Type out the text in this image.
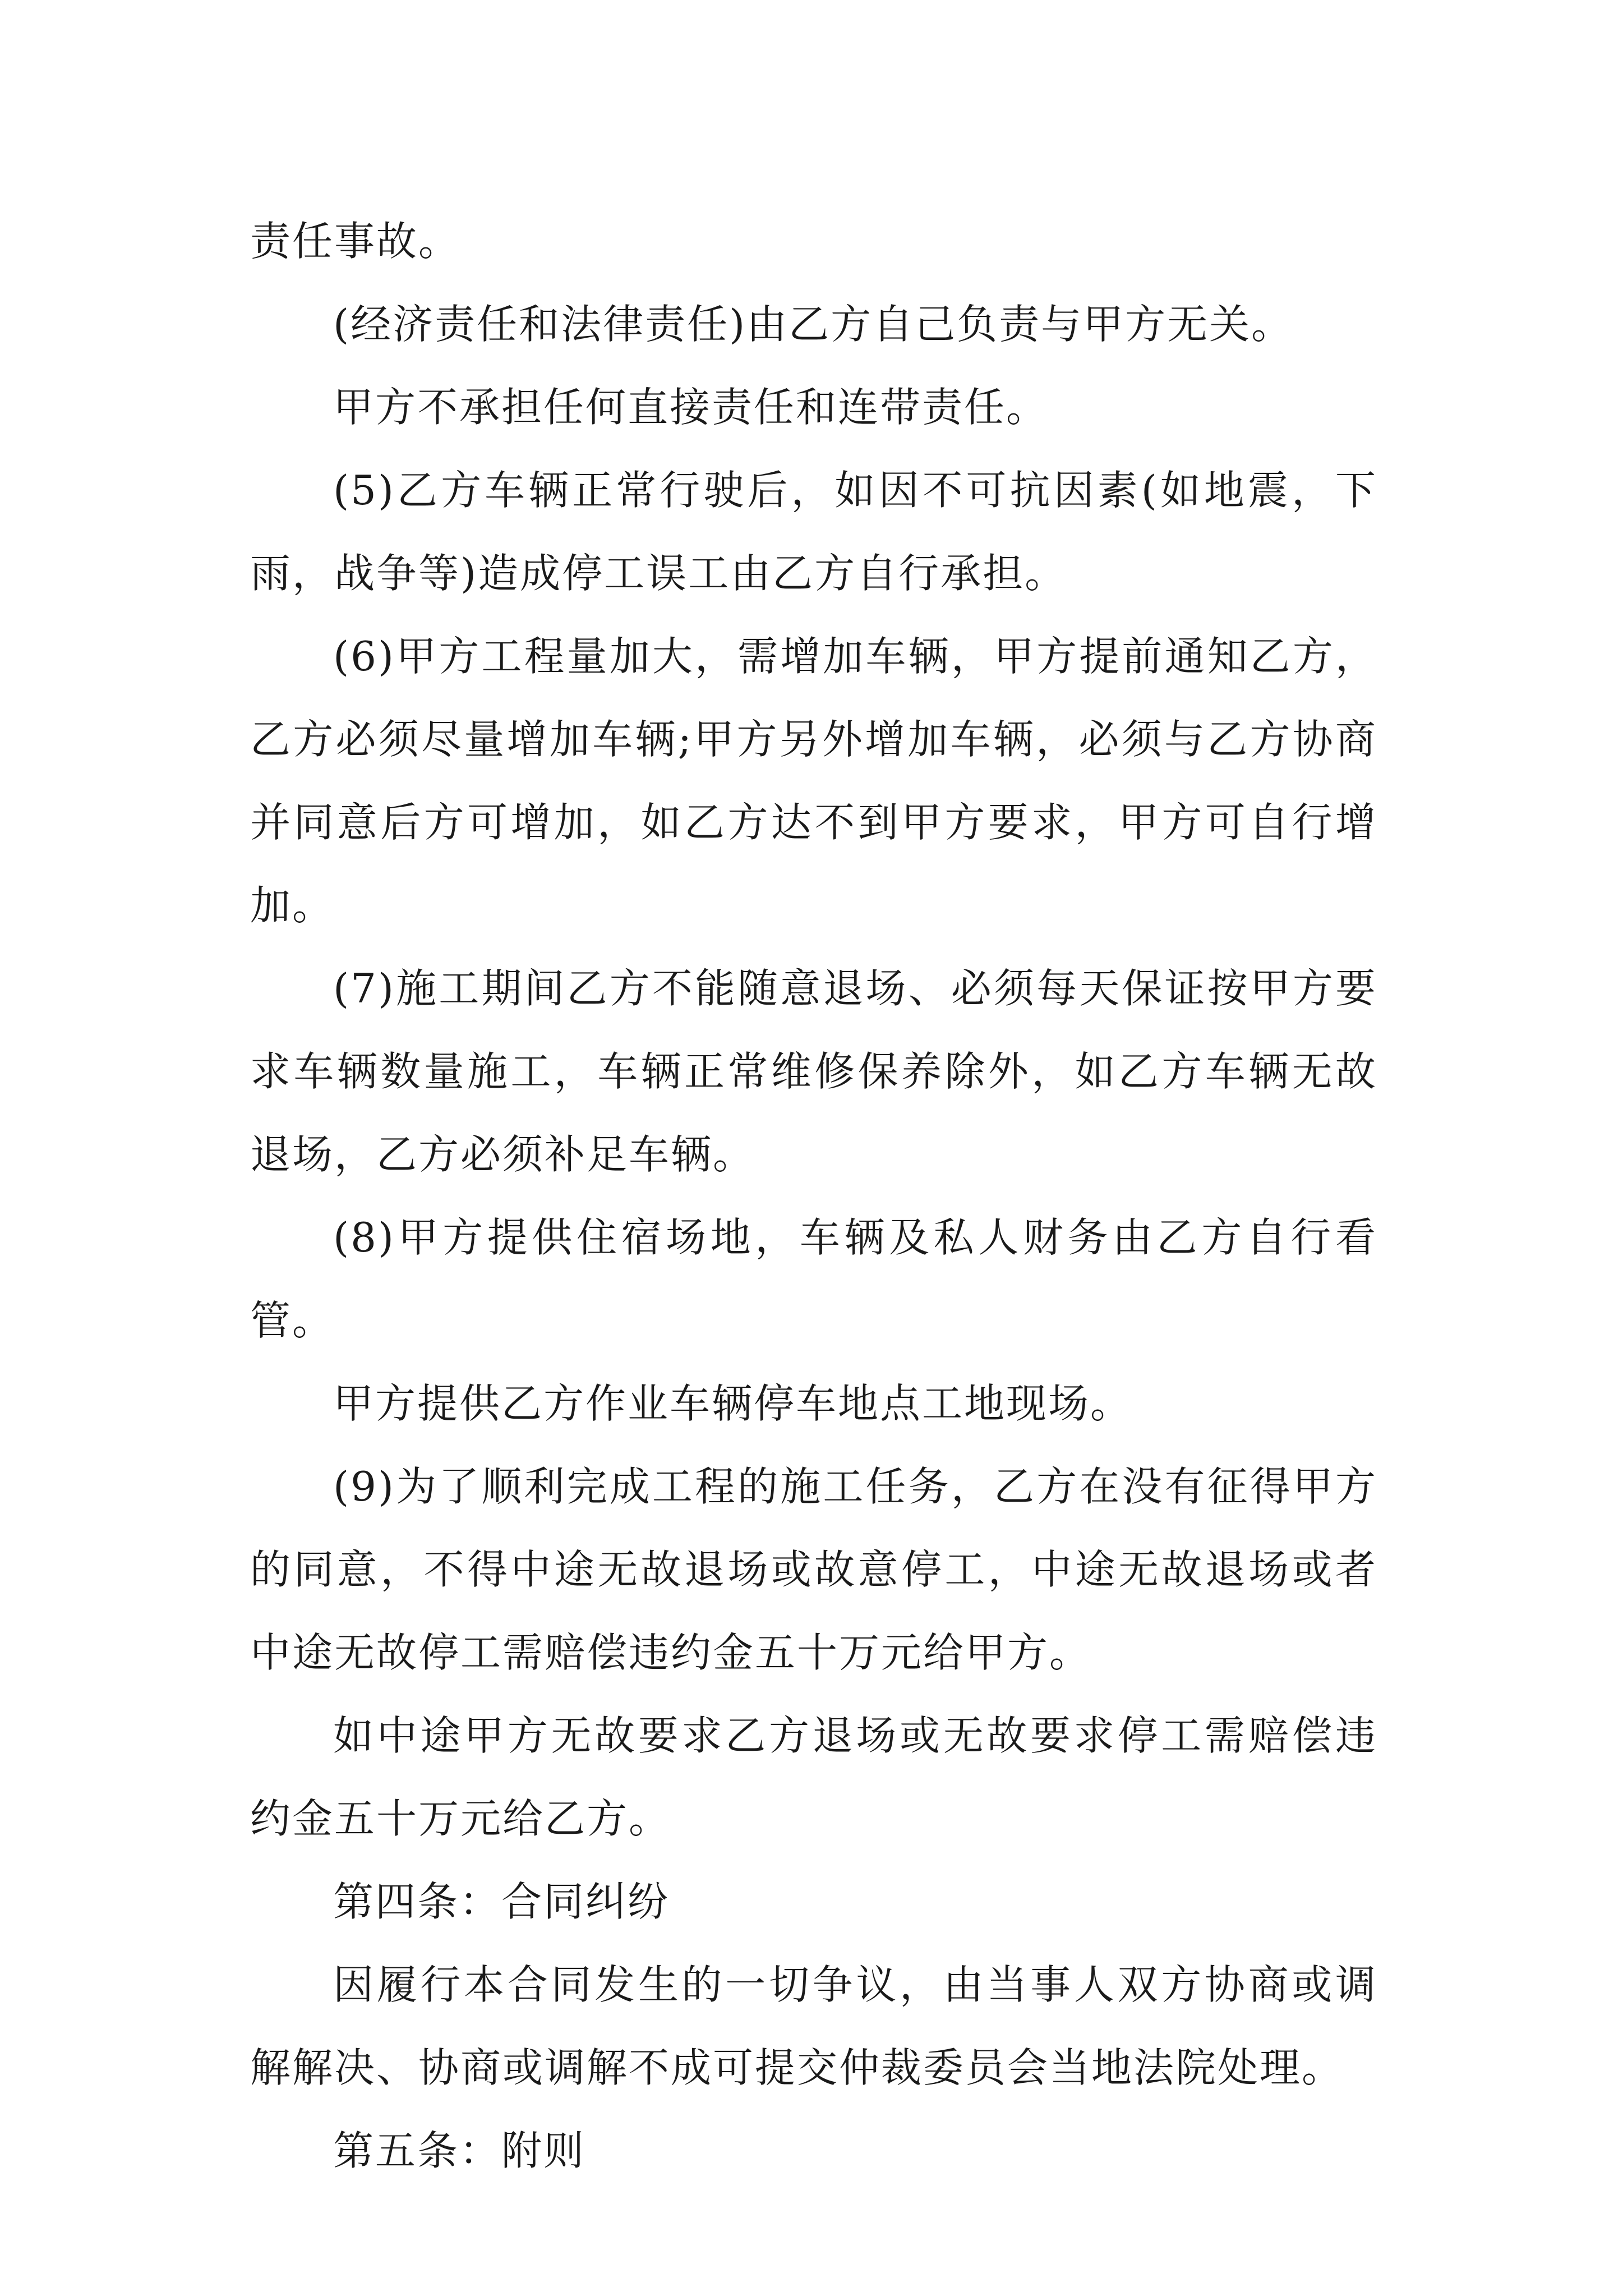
责任事故。

(经济责任和法律责任)由乙方自己负责与甲方无关。

甲方不承担任何直接责任和连带责任。

(5)乙方车辆正常行驶后，如因不可抗因素(如地震，下雨，战争等)造成停工误工由乙方自行承担。

(6)甲方工程量加大，需增加车辆，甲方提前通知乙方，乙方必须尽量增加车辆;甲方另外增加车辆，必须与乙方协商并同意后方可增加，如乙方达不到甲方要求，甲方可自行增加。

(7)施工期间乙方不能随意退场、必须每天保证按甲方要求车辆数量施工，车辆正常维修保养除外，如乙方车辆无故退场，乙方必须补足车辆。

(8)甲方提供住宿场地，车辆及私人财务由乙方自行看管。

甲方提供乙方作业车辆停车地点工地现场。

(9)为了顺利完成工程的施工任务，乙方在没有征得甲方的同意，不得中途无故退场或故意停工，中途无故退场或者中途无故停工需赔偿违约金五十万元给甲方。

如中途甲方无故要求乙方退场或无故要求停工需赔偿违约金五十万元给乙方。

第四条：合同纠纷

因履行本合同发生的一切争议，由当事人双方协商或调解解决、协商或调解不成可提交仲裁委员会当地法院处理。

第五条：附则
